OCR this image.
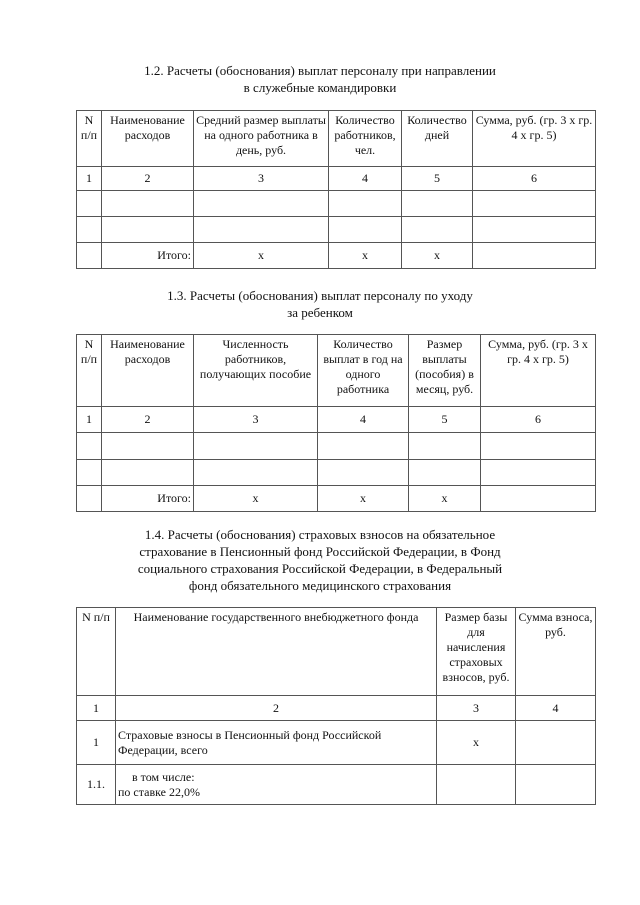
1.2. Расчеты (обоснования) выплат персоналу при направлении
в служебные командировки
N п/п	Наименование расходов	Средний размер выплаты на одного работника в день, руб.	Количество работников, чел.	Количество дней	Сумма, руб. (гр. 3 x гр. 4 x гр. 5)
1	2	3	4	5	6

	Итого:	x	x	x	
1.3. Расчеты (обоснования) выплат персоналу по уходу
за ребенком
N п/п	Наименование расходов	Численность работников, получающих пособие	Количество выплат в год на одного работника	Размер выплаты (пособия) в месяц, руб.	Сумма, руб. (гр. 3 x гр. 4 x гр. 5)
1	2	3	4	5	6

	Итого:	x	x	x	
1.4. Расчеты (обоснования) страховых взносов на обязательное
страхование в Пенсионный фонд Российской Федерации, в Фонд
социального страхования Российской Федерации, в Федеральный
фонд обязательного медицинского страхования
N п/п	Наименование государственного внебюджетного фонда	Размер базы для начисления страховых взносов, руб.	Сумма взноса, руб.
1	2	3	4
1	Страховые взносы в Пенсионный фонд Российской Федерации, всего	x	
1.1.	в том числе:
по ставке 22,0%		
